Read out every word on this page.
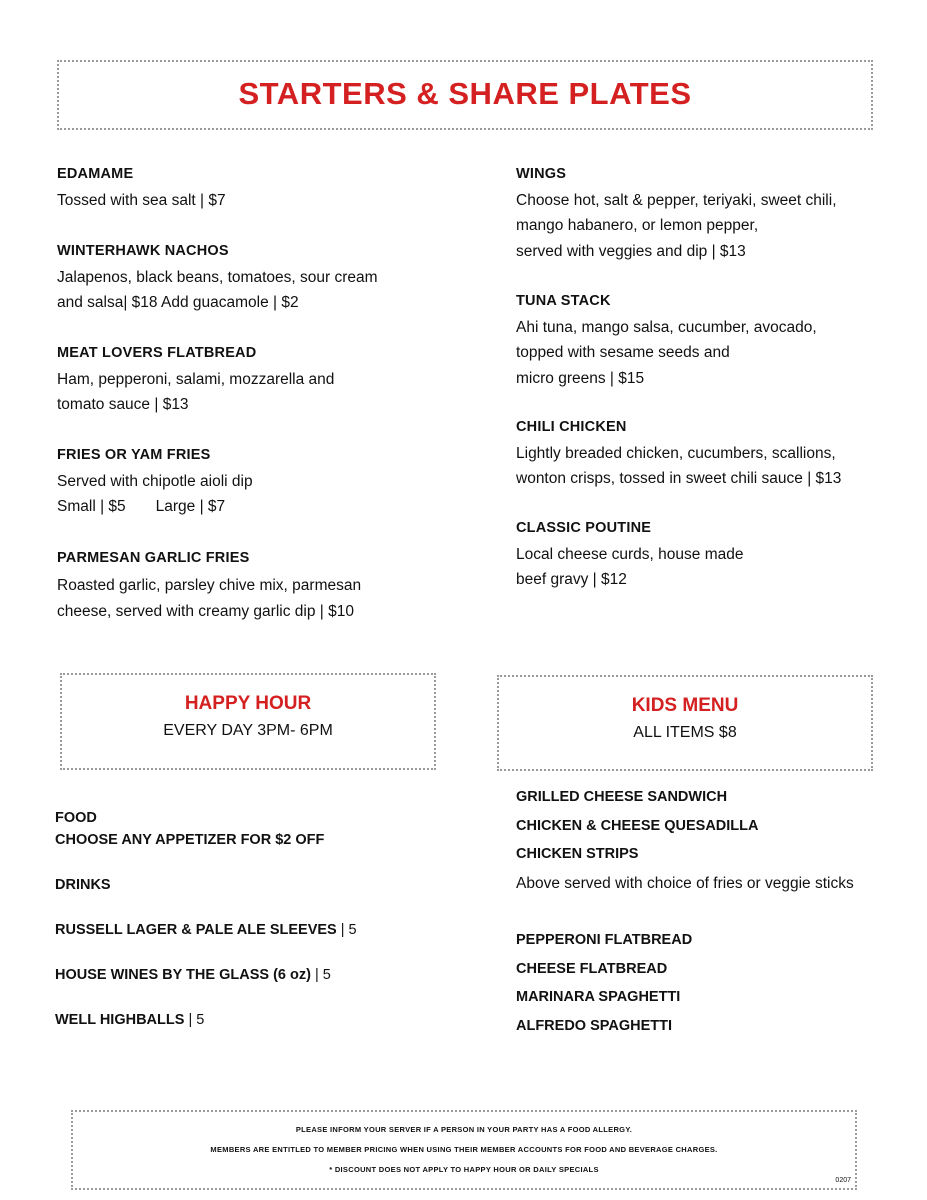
STARTERS & SHARE PLATES
EDAMAME
Tossed with sea salt | $7
WINTERHAWK NACHOS
Jalapenos, black beans, tomatoes, sour cream
and salsa| $18 Add guacamole | $2
MEAT LOVERS FLATBREAD
Ham, pepperoni, salami, mozzarella and
tomato sauce | $13
FRIES OR YAM FRIES
Served with chipotle aioli dip
Small | $5 Large | $7
PARMESAN GARLIC FRIES
Roasted garlic, parsley chive mix, parmesan
cheese, served with creamy garlic dip | $10
WINGS
Choose hot, salt & pepper, teriyaki, sweet chili,
mango habanero, or lemon pepper,
served with veggies and dip | $13
TUNA STACK
Ahi tuna, mango salsa, cucumber, avocado,
topped with sesame seeds and
micro greens | $15
CHILI CHICKEN
Lightly breaded chicken, cucumbers, scallions,
wonton crisps, tossed in sweet chili sauce | $13
CLASSIC POUTINE
Local cheese curds, house made
beef gravy | $12
HAPPY HOUR
EVERY DAY 3PM- 6PM
KIDS MENU
ALL ITEMS $8
FOOD
CHOOSE ANY APPETIZER FOR $2 OFF
DRINKS
RUSSELL LAGER & PALE ALE SLEEVES | 5
HOUSE WINES BY THE GLASS (6 oz) | 5
WELL HIGHBALLS | 5
GRILLED CHEESE SANDWICH
CHICKEN & CHEESE QUESADILLA
CHICKEN STRIPS
Above served with choice of fries or veggie sticks
PEPPERONI FLATBREAD
CHEESE FLATBREAD
MARINARA SPAGHETTI
ALFREDO SPAGHETTI
PLEASE INFORM YOUR SERVER IF A PERSON IN YOUR PARTY HAS A FOOD ALLERGY.
MEMBERS ARE ENTITLED TO MEMBER PRICING WHEN USING THEIR MEMBER ACCOUNTS FOR FOOD AND BEVERAGE CHARGES.
* DISCOUNT DOES NOT APPLY TO HAPPY HOUR OR DAILY SPECIALS
0207
